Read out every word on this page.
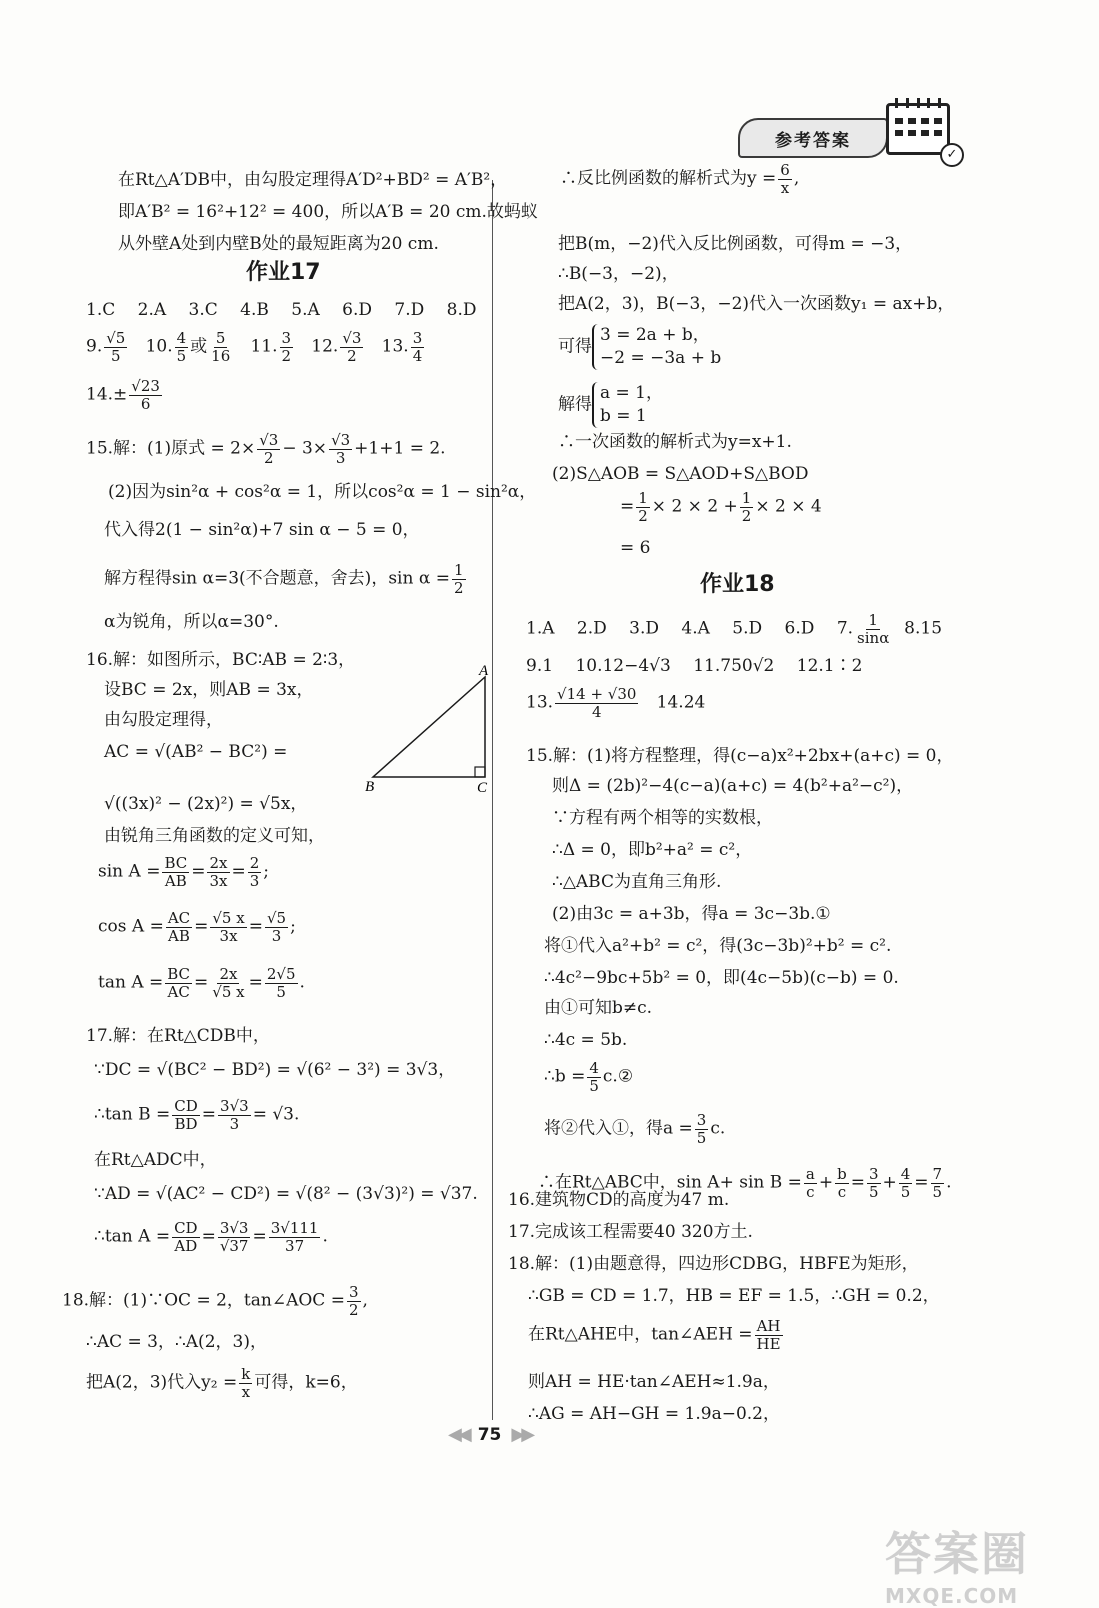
参考答案
✓
在Rt△A′DB中，由勾股定理得A′D²+BD² = A′B²，
即A′B² = 16²+12² = 400，所以A′B = 20 cm.故蚂蚁
从外壁A处到内壁B处的最短距离为20 cm.
作业17
1.C　 2.A　 3.C　 4.B　 5.A　 6.D　 7.D　 8.D
9. $\frac{√5}{5} 10$. $\frac{4}{5}$ 或 $\frac{5}{16} 11$. $\frac{3}{2} 12$. $\frac{√3}{2} 13$. $\frac{3}{4}$
$14.\pm \frac{√23}{6}$
15.解：(1)原式 = $2\times \frac{√3}{2} - 3\times \frac{√3}{3} +1+1 = 2$.
(2)因为sin²α + cos²α = 1，所以cos²α = 1 − sin²α，
代入得2(1 − sin²α)+7 sin α − 5 = 0，
解方程得sin α=3(不合题意，舍去)，$\sin \alpha = \frac{1}{2}$
α为锐角，所以α=30°.
16.解：如图所示，BC∶AB = 2∶3，
设BC = 2x，则AB = 3x，
由勾股定理得，
AC = √(AB² − BC²) =
√((3x)² − (2x)²) = √5x，
由锐角三角函数的定义可知，
$\sin A = \frac{BC}{AB} = \frac{2x}{3x} = \frac{2}{3}$ ;
$\cos A = \frac{AC}{AB} = \frac{√5 x}{3x} = \frac{√5}{3}$ ;
$\tan A = \frac{BC}{AC} = \frac{2x}{√5 x} = \frac{2√5}{5}$ .
17.解：在Rt△CDB中，
∵DC = √(BC² − BD²) = √(6² − 3²) = 3√3，
∴tan $B = \frac{CD}{BD} = \frac{3√3}{3} = √3$.
在Rt△ADC中，
∵AD = √(AC² − CD²) = √(8² − (3√3)²) = √37.
∴tan $A = \frac{CD}{AD} = \frac{3√3}{√37} = \frac{3√111}{37}$ .
18.解：(1)∵OC = 2，tan∠AOC = $\frac{3}{2}$ ,
∴AC = 3，∴A(2，3)，
把A(2，3)代入$y_2 = \frac{k}{x}$ 可得，k=6，
A
B	C
∴反比例函数的解析式为$y = \frac{6}{x}$ ,
把B(m，−2)代入反比例函数，可得m = −3，
∴B(−3，−2)，
把A(2，3)，B(−3，−2)代入一次函数y₁ = ax+b，
可得3 = 2a + b，
−2 = −3a + b
解得a = 1，
b = 1
∴一次函数的解析式为y=x+1.
(2)S△AOB = S△AOD+S△BOD
= $\frac{1}{2} \times 2 \times 2 + \frac{1}{2} \times 2 \times 4$
= 6
作业18
1.A　 2.D　 3.D　 4.A　 5.D　 6.D　 7. $\frac{1}{\sin\alpha} 8.15$
9.1　 10.12−4√3　 11.750√2　 12.1∶2
13. $\frac{√14 + √30}{4} 14.24$
15.解：(1)将方程整理，得(c−a)x²+2bx+(a+c) = 0，
则Δ = (2b)²−4(c−a)(a+c) = 4(b²+a²−c²)，
∵方程有两个相等的实数根，
∴Δ = 0，即b²+a² = c²，
∴△ABC为直角三角形.
(2)由3c = a+3b，得a = 3c−3b.①
将①代入a²+b² = c²，得(3c−3b)²+b² = c².
∴4c²−9bc+5b² = 0，即(4c−5b)(c−b) = 0.
由①可知b≠c.
∴4c = 5b.
∴b = $\frac{4}{5}$ c.②
将②代入①，得$a = \frac{3}{5} c$.
∴在Rt△ABC中，$\sin A+ \sin B = \frac{a}{c} + \frac{b}{c} = \frac{3}{5} + \frac{4}{5} = \frac{7}{5}$ .
16.建筑物CD的高度为47 m.
17.完成该工程需要40 320方土.
18.解：(1)由题意得，四边形CDBG，HBFE为矩形，
∴GB = CD = 1.7，HB = EF = 1.5，∴GH = 0.2，
在Rt△AHE中，tan∠AEH = $\frac{AH}{HE}$
则AH = HE·tan∠AEH≈1.9a，
∴AG = AH−GH = 1.9a−0.2，
◀◀ 75 ▶▶
答案圈
MXQE.COM
